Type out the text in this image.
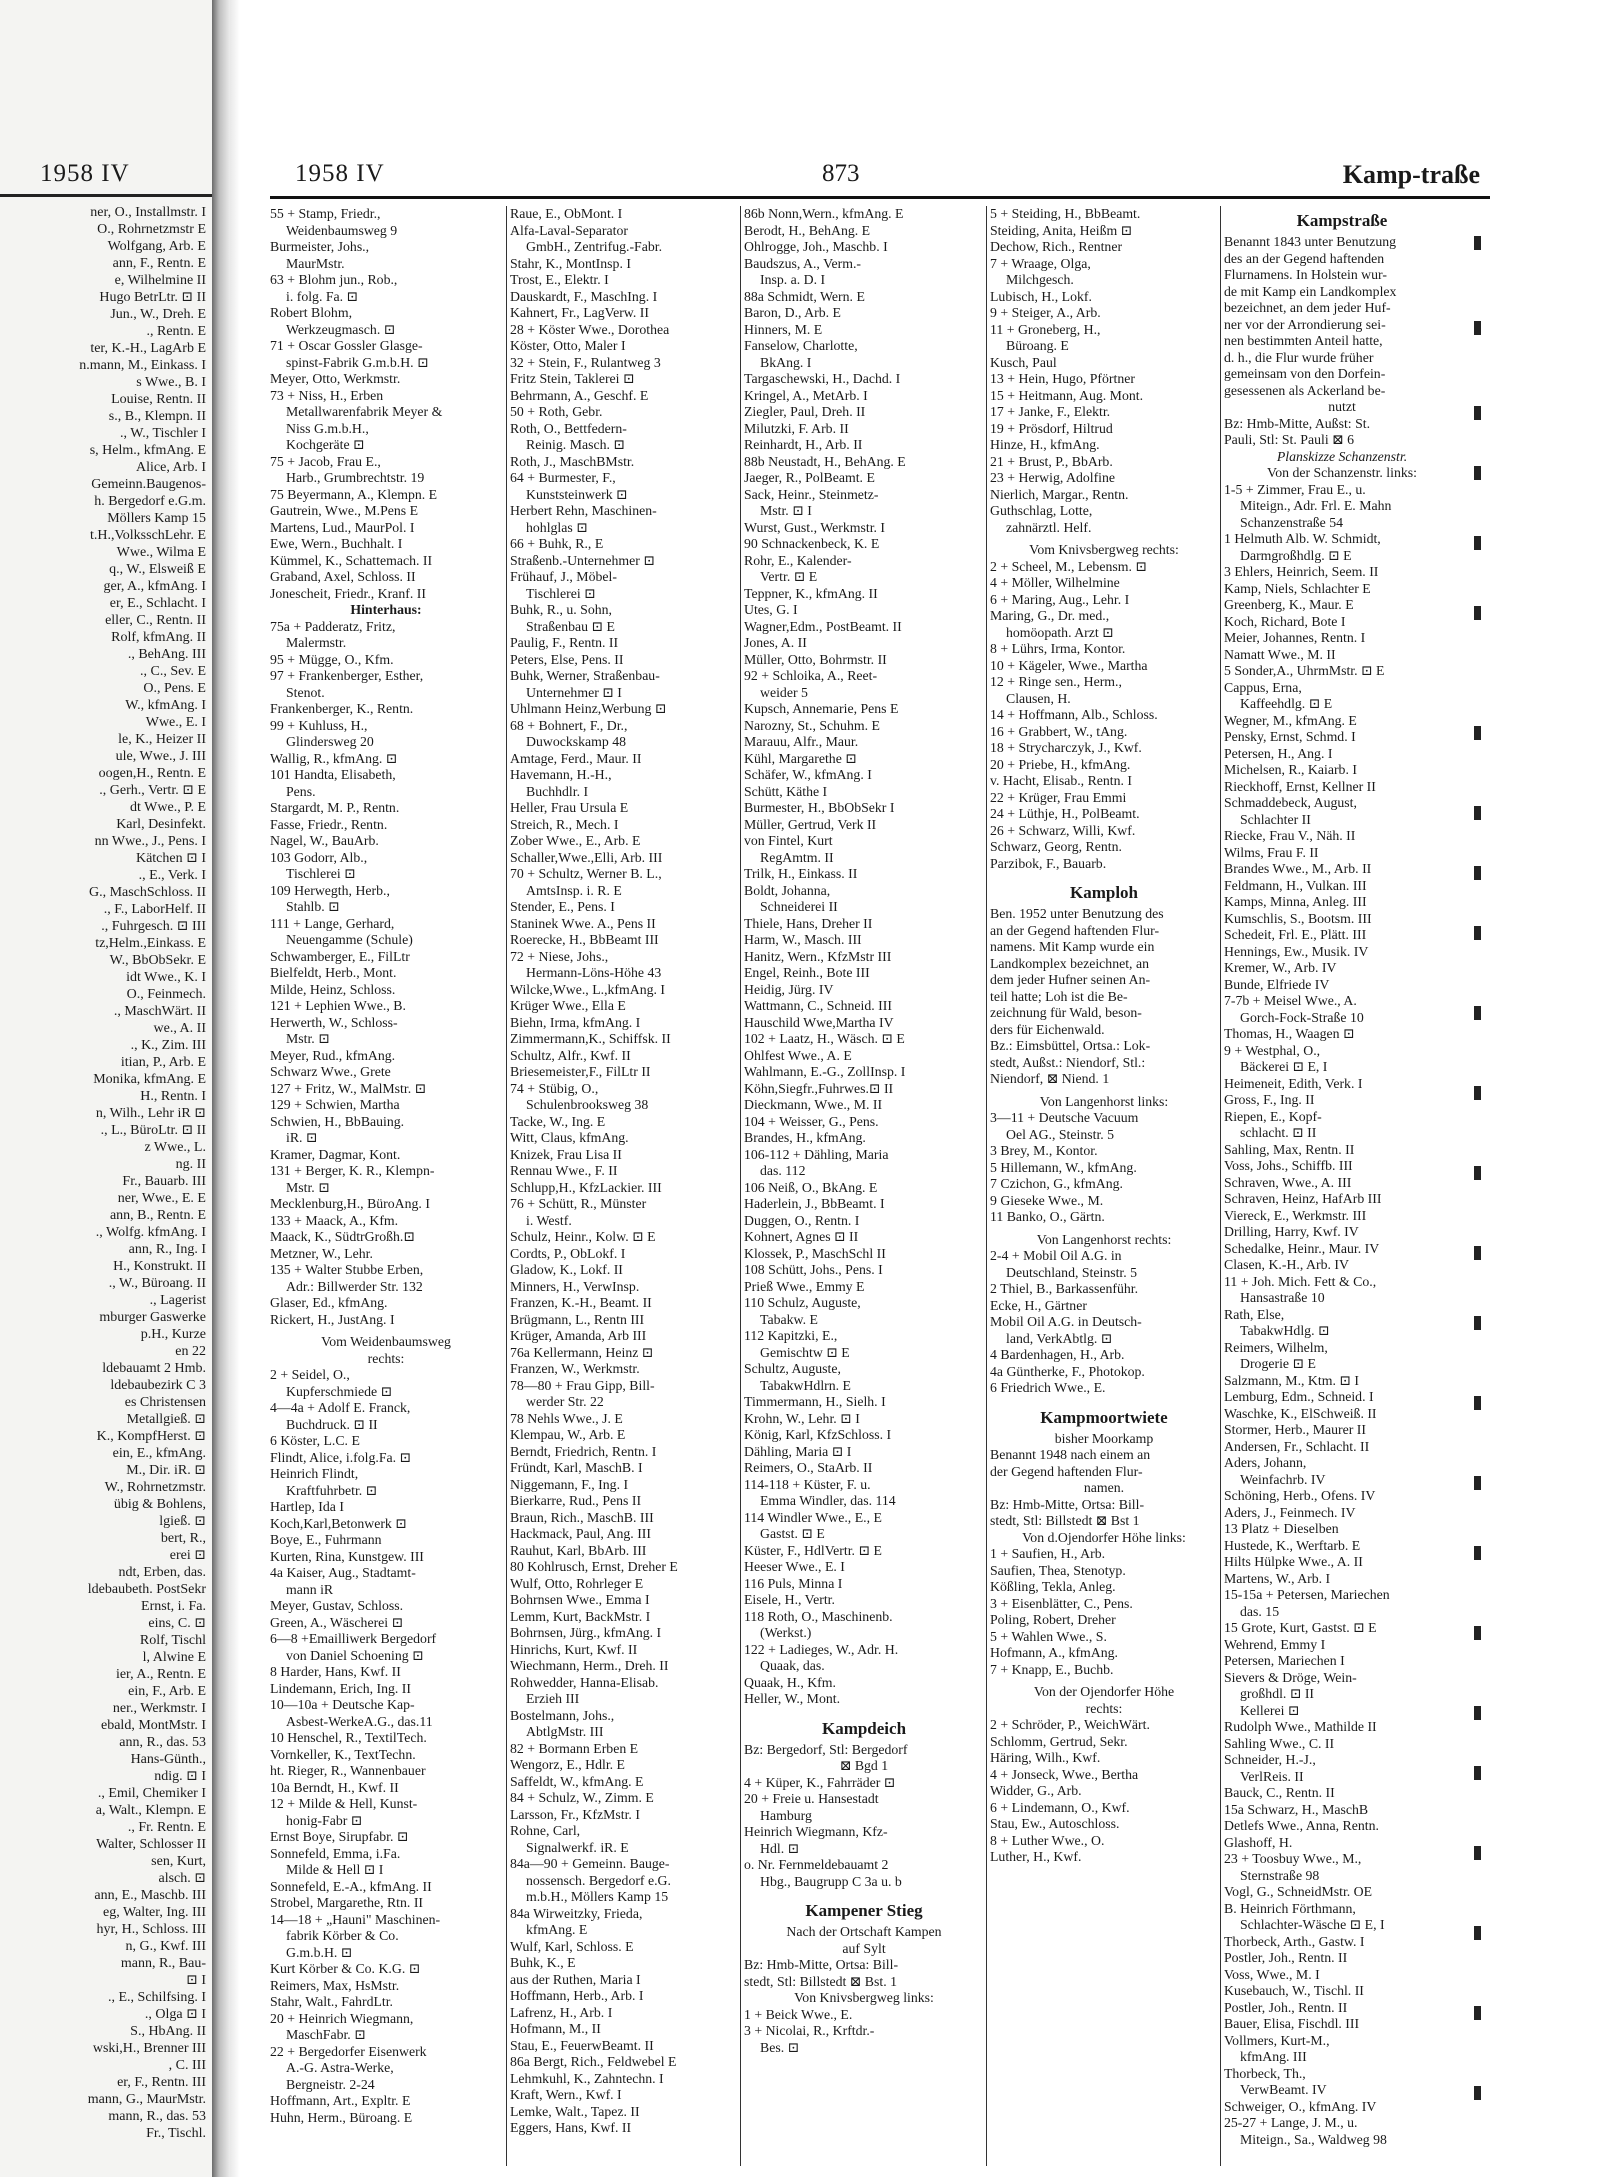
1958 IV
ner, O., Installmstr. I
O., Rohrnetzmstr E
Wolfgang, Arb. E
ann, F., Rentn. E
e, Wilhelmine II
Hugo BetrLtr. ⊡ II
Jun., W., Dreh. E
., Rentn. E
ter, K.-H., LagArb E
n.mann, M., Einkass. I
s Wwe., B. I
Louise, Rentn. II
s., B., Klempn. II
., W., Tischler I
s, Helm., kfmAng. E
Alice, Arb. I
Gemeinn.Baugenos-
h. Bergedorf e.G.m.
Möllers Kamp 15
t.H.,VolksschLehr. E
Wwe., Wilma E
q., W., Elsweiß E
ger, A., kfmAng. I
er, E., Schlacht. I
eller, C., Rentn. II
Rolf, kfmAng. II
., BehAng. III
., C., Sev. E
O., Pens. E
W., kfmAng. I
Wwe., E. I
le, K., Heizer II
ule, Wwe., J. III
oogen,H., Rentn. E
., Gerh., Vertr. ⊡ E
dt Wwe., P. E
Karl, Desinfekt.
nn Wwe., J., Pens. I
Kätchen ⊡ I
., E., Verk. I
G., MaschSchloss. II
., F., LaborHelf. II
., Fuhrgesch. ⊡ III
tz,Helm.,Einkass. E
W., BbObSekr. E
idt Wwe., K. I
O., Feinmech.
., MaschWärt. II
we., A. II
., K., Zim. III
itian, P., Arb. E
Monika, kfmAng. E
H., Rentn. I
n, Wilh., Lehr iR ⊡
., L., BüroLtr. ⊡ II
z Wwe., L.
ng. II
Fr., Bauarb. III
ner, Wwe., E. E
ann, B., Rentn. E
., Wolfg. kfmAng. I
ann, R., Ing. I
H., Konstrukt. II
., W., Büroang. II
., Lagerist
mburger Gaswerke
p.H., Kurze
en 22
ldebauamt 2 Hmb.
ldebaubezirk C 3
es Christensen
Metallgieß. ⊡
K., KompfHerst. ⊡
ein, E., kfmAng.
M., Dir. iR. ⊡
W., Rohrnetzmstr.
übig & Bohlens,
lgieß. ⊡
bert, R.,
erei ⊡
ndt, Erben, das.
ldebaubeth. PostSekr
Ernst, i. Fa.
eins, C. ⊡
Rolf, Tischl
l, Alwine E
ier, A., Rentn. E
ein, F., Arb. E
ner., Werkmstr. I
ebald, MontMstr. I
ann, R., das. 53
Hans-Günth.,
ndig. ⊡ I
., Emil, Chemiker I
a, Walt., Klempn. E
., Fr. Rentn. E
Walter, Schlosser II
sen, Kurt,
alsch. ⊡
ann, E., Maschb. III
eg, Walter, Ing. III
hyr, H., Schloss. III
n, G., Kwf. III
mann, R., Bau-
⊡ I
., E., Schilfsing. I
., Olga ⊡ I
S., HbAng. II
wski,H., Brenner III
, C. III
er, F., Rentn. III
mann, G., MaurMstr.
mann, R., das. 53
Fr., Tischl.
1958 IV	873	Kamp-traße
55 + Stamp, Friedr.,
Weidenbaumsweg 9
Burmeister, Johs.,
MaurMstr.
63 + Blohm jun., Rob.,
i. folg. Fa. ⊡
Robert Blohm,
Werkzeugmasch. ⊡
71 + Oscar Gossler Glasge-
spinst-Fabrik G.m.b.H. ⊡
Meyer, Otto, Werkmstr.
73 + Niss, H., Erben
Metallwarenfabrik Meyer &
Niss G.m.b.H.,
Kochgeräte ⊡
75 + Jacob, Frau E.,
Harb., Grumbrechtstr. 19
75 Beyermann, A., Klempn. E
Gautrein, Wwe., M.Pens E
Martens, Lud., MaurPol. I
Ewe, Wern., Buchhalt. I
Kümmel, K., Schattemach. II
Graband, Axel, Schloss. II
Jonescheit, Friedr., Kranf. II
Hinterhaus:
75a + Padderatz, Fritz,
Malermstr.
95 + Mügge, O., Kfm.
97 + Frankenberger, Esther,
Stenot.
Frankenberger, K., Rentn.
99 + Kuhluss, H.,
Glindersweg 20
Wallig, R., kfmAng. ⊡
101 Handta, Elisabeth,
Pens.
Stargardt, M. P., Rentn.
Fasse, Friedr., Rentn.
Nagel, W., BauArb.
103 Godorr, Alb.,
Tischlerei ⊡
109 Herwegth, Herb.,
Stahlb. ⊡
111 + Lange, Gerhard,
Neuengamme (Schule)
Schwamberger, E., FilLtr
Bielfeldt, Herb., Mont.
Milde, Heinz, Schloss.
121 + Lephien Wwe., B.
Herwerth, W., Schloss-
Mstr. ⊡
Meyer, Rud., kfmAng.
Schwarz Wwe., Grete
127 + Fritz, W., MalMstr. ⊡
129 + Schwien, Martha
Schwien, H., BbBauing.
iR. ⊡
Kramer, Dagmar, Kont.
131 + Berger, K. R., Klempn-
Mstr. ⊡
Mecklenburg,H., BüroAng. I
133 + Maack, A., Kfm.
Maack, K., SüdtrGroßh.⊡
Metzner, W., Lehr.
135 + Walter Stubbe Erben,
Adr.: Billwerder Str. 132
Glaser, Ed., kfmAng.
Rickert, H., JustAng. I
Vom Weidenbaumsweg
rechts:
2 + Seidel, O.,
Kupferschmiede ⊡
4—4a + Adolf E. Franck,
Buchdruck. ⊡ II
6 Köster, L.C. E
Flindt, Alice, i.folg.Fa. ⊡
Heinrich Flindt,
Kraftfuhrbetr. ⊡
Hartlep, Ida I
Koch,Karl,Betonwerk ⊡
Boye, E., Fuhrmann
Kurten, Rina, Kunstgew. III
4a Kaiser, Aug., Stadtamt-
mann iR
Meyer, Gustav, Schloss.
Green, A., Wäscherei ⊡
6—8 +Emailliwerk Bergedorf
von Daniel Schoening ⊡
8 Harder, Hans, Kwf. II
Lindemann, Erich, Ing. II
10—10a + Deutsche Kap-
Asbest-WerkeA.G., das.11
10 Henschel, R., TextilTech.
Vornkeller, K., TextTechn.
ht. Rieger, R., Wannenbauer
10a Berndt, H., Kwf. II
12 + Milde & Hell, Kunst-
honig-Fabr ⊡
Ernst Boye, Sirupfabr. ⊡
Sonnefeld, Emma, i.Fa.
Milde & Hell ⊡ I
Sonnefeld, E.-A., kfmAng. II
Strobel, Margarethe, Rtn. II
14—18 + „Hauni" Maschinen-
fabrik Körber & Co.
G.m.b.H. ⊡
Kurt Körber & Co. K.G. ⊡
Reimers, Max, HsMstr.
Stahr, Walt., FahrdLtr.
20 + Heinrich Wiegmann,
MaschFabr. ⊡
22 + Bergedorfer Eisenwerk
A.-G. Astra-Werke,
Bergneistr. 2-24
Hoffmann, Art., Expltr. E
Huhn, Herm., Büroang. E
Raue, E., ObMont. I
Alfa-Laval-Separator
GmbH., Zentrifug.-Fabr.
Stahr, K., MontInsp. I
Trost, E., Elektr. I
Dauskardt, F., MaschIng. I
Kahnert, Fr., LagVerw. II
28 + Köster Wwe., Dorothea
Köster, Otto, Maler I
32 + Stein, F., Rulantweg 3
Fritz Stein, Taklerei ⊡
Behrmann, A., Geschf. E
50 + Roth, Gebr.
Roth, O., Bettfedern-
Reinig. Masch. ⊡
Roth, J., MaschBMstr.
64 + Burmester, F.,
Kunststeinwerk ⊡
Herbert Rehn, Maschinen-
hohlglas ⊡
66 + Buhk, R., E
Straßenb.-Unternehmer ⊡
Frühauf, J., Möbel-
Tischlerei ⊡
Buhk, R., u. Sohn,
Straßenbau ⊡ E
Paulig, F., Rentn. II
Peters, Else, Pens. II
Buhk, Werner, Straßenbau-
Unternehmer ⊡ I
Uhlmann Heinz,Werbung ⊡
68 + Bohnert, F., Dr.,
Duwockskamp 48
Amtage, Ferd., Maur. II
Havemann, H.-H.,
Buchhdlr. I
Heller, Frau Ursula E
Streich, R., Mech. I
Zober Wwe., E., Arb. E
Schaller,Wwe.,Elli, Arb. III
70 + Schultz, Werner B. L.,
AmtsInsp. i. R. E
Stender, E., Pens. I
Staninek Wwe. A., Pens II
Roerecke, H., BbBeamt III
72 + Niese, Johs.,
Hermann-Löns-Höhe 43
Wilcke,Wwe., L.,kfmAng. I
Krüger Wwe., Ella E
Biehn, Irma, kfmAng. I
Zimmermann,K., Schiffsk. II
Schultz, Alfr., Kwf. II
Briesemeister,F., FilLtr II
74 + Stübig, O.,
Schulenbrooksweg 38
Tacke, W., Ing. E
Witt, Claus, kfmAng.
Knizek, Frau Lisa II
Rennau Wwe., F. II
Schlupp,H., KfzLackier. III
76 + Schütt, R., Münster
i. Westf.
Schulz, Heinr., Kolw. ⊡ E
Cordts, P., ObLokf. I
Gladow, K., Lokf. II
Minners, H., VerwInsp.
Franzen, K.-H., Beamt. II
Brügmann, L., Rentn III
Krüger, Amanda, Arb III
76a Kellermann, Heinz ⊡
Franzen, W., Werkmstr.
78—80 + Frau Gipp, Bill-
werder Str. 22
78 Nehls Wwe., J. E
Klempau, W., Arb. E
Berndt, Friedrich, Rentn. I
Fründt, Karl, MaschB. I
Niggemann, F., Ing. I
Bierkarre, Rud., Pens II
Braun, Rich., MaschB. III
Hackmack, Paul, Ang. III
Rauhut, Karl, BbArb. III
80 Kohlrusch, Ernst, Dreher E
Wulf, Otto, Rohrleger E
Bohrnsen Wwe., Emma I
Lemm, Kurt, BackMstr. I
Bohrnsen, Jürg., kfmAng. I
Hinrichs, Kurt, Kwf. II
Wiechmann, Herm., Dreh. II
Rohwedder, Hanna-Elisab.
Erzieh III
Bostelmann, Johs.,
AbtlgMstr. III
82 + Bormann Erben E
Wengorz, E., Hdlr. E
Saffeldt, W., kfmAng. E
84 + Schulz, W., Zimm. E
Larsson, Fr., KfzMstr. I
Rohne, Carl,
Signalwerkf. iR. E
84a—90 + Gemeinn. Bauge-
nossensch. Bergedorf e.G.
m.b.H., Möllers Kamp 15
84a Wirweitzky, Frieda,
kfmAng. E
Wulf, Karl, Schloss. E
Buhk, K., E
aus der Ruthen, Maria I
Hoffmann, Herb., Arb. I
Lafrenz, H., Arb. I
Hofmann, M., II
Stau, E., FeuerwBeamt. II
86a Bergt, Rich., Feldwebel E
Lehmkuhl, K., Zahntechn. I
Kraft, Wern., Kwf. I
Lemke, Walt., Tapez. II
Eggers, Hans, Kwf. II
86b Nonn,Wern., kfmAng. E
Berodt, H., BehAng. E
Ohlrogge, Joh., Maschb. I
Baudszus, A., Verm.-
Insp. a. D. I
88a Schmidt, Wern. E
Baron, D., Arb. E
Hinners, M. E
Fanselow, Charlotte,
BkAng. I
Targaschewski, H., Dachd. I
Kringel, A., MetArb. I
Ziegler, Paul, Dreh. II
Milutzki, F. Arb. II
Reinhardt, H., Arb. II
88b Neustadt, H., BehAng. E
Jaeger, R., PolBeamt. E
Sack, Heinr., Steinmetz-
Mstr. ⊡ I
Wurst, Gust., Werkmstr. I
90 Schnackenbeck, K. E
Rohr, E., Kalender-
Vertr. ⊡ E
Teppner, K., kfmAng. II
Utes, G. I
Wagner,Edm., PostBeamt. II
Jones, A. II
Müller, Otto, Bohrmstr. II
92 + Schloika, A., Reet-
weider 5
Kupsch, Annemarie, Pens E
Narozny, St., Schuhm. E
Marauu, Alfr., Maur.
Kühl, Margarethe ⊡
Schäfer, W., kfmAng. I
Schütt, Käthe I
Burmester, H., BbObSekr I
Müller, Gertrud, Verk II
von Fintel, Kurt
RegAmtm. II
Trilk, H., Einkass. II
Boldt, Johanna,
Schneiderei II
Thiele, Hans, Dreher II
Harm, W., Masch. III
Hanitz, Wern., KfzMstr III
Engel, Reinh., Bote III
Heidig, Jürg. IV
Wattmann, C., Schneid. III
Hauschild Wwe,Martha IV
102 + Laatz, H., Wäsch. ⊡ E
Ohlfest Wwe., A. E
Wahlmann, E.-G., ZollInsp. I
Köhn,Siegfr.,Fuhrwes.⊡ II
Dieckmann, Wwe., M. II
104 + Weisser, G., Pens.
Brandes, H., kfmAng.
106-112 + Dähling, Maria
das. 112
106 Neiß, O., BkAng. E
Haderlein, J., BbBeamt. I
Duggen, O., Rentn. I
Kohnert, Agnes ⊡ II
Klossek, P., MaschSchl II
108 Schütt, Johs., Pens. I
Prieß Wwe., Emmy E
110 Schulz, Auguste,
Tabakw. E
112 Kapitzki, E.,
Gemischtw ⊡ E
Schultz, Auguste,
TabakwHdlrn. E
Timmermann, H., Sielh. I
Krohn, W., Lehr. ⊡ I
König, Karl, KfzSchloss. I
Dähling, Maria ⊡ I
Reimers, O., StaArb. II
114-118 + Küster, F. u.
Emma Windler, das. 114
114 Windler Wwe., E., E
Gastst. ⊡ E
Küster, F., HdlVertr. ⊡ E
Heeser Wwe., E. I
116 Puls, Minna I
Eisele, H., Vertr.
118 Roth, O., Maschinenb.
(Werkst.)
122 + Ladieges, W., Adr. H.
Quaak, das.
Quaak, H., Kfm.
Heller, W., Mont.
Kampdeich
Bz: Bergedorf, Stl: Bergedorf
⊠ Bgd 1
4 + Küper, K., Fahrräder ⊡
20 + Freie u. Hansestadt
Hamburg
Heinrich Wiegmann, Kfz-
Hdl. ⊡
o. Nr. Fernmeldebauamt 2
Hbg., Baugrupp C 3a u. b
Kampener Stieg
Nach der Ortschaft Kampen
auf Sylt
Bz: Hmb-Mitte, Ortsa: Bill-
stedt, Stl: Billstedt ⊠ Bst. 1
Von Knivsbergweg links:
1 + Beick Wwe., E.
3 + Nicolai, R., Krftdr.-
Bes. ⊡
5 + Steiding, H., BbBeamt.
Steiding, Anita, Heißm ⊡
Dechow, Rich., Rentner
7 + Wraage, Olga,
Milchgesch.
Lubisch, H., Lokf.
9 + Steiger, A., Arb.
11 + Groneberg, H.,
Büroang. E
Kusch, Paul
13 + Hein, Hugo, Pförtner
15 + Heitmann, Aug. Mont.
17 + Janke, F., Elektr.
19 + Prösdorf, Hiltrud
Hinze, H., kfmAng.
21 + Brust, P., BbArb.
23 + Herwig, Adolfine
Nierlich, Margar., Rentn.
Guthschlag, Lotte,
zahnärztl. Helf.
Vom Knivsbergweg rechts:
2 + Scheel, M., Lebensm. ⊡
4 + Möller, Wilhelmine
6 + Maring, Aug., Lehr. I
Maring, G., Dr. med.,
homöopath. Arzt ⊡
8 + Lührs, Irma, Kontor.
10 + Kägeler, Wwe., Martha
12 + Ringe sen., Herm.,
Clausen, H.
14 + Hoffmann, Alb., Schloss.
16 + Grabbert, W., tAng.
18 + Strycharczyk, J., Kwf.
20 + Priebe, H., kfmAng.
v. Hacht, Elisab., Rentn. I
22 + Krüger, Frau Emmi
24 + Lüthje, H., PolBeamt.
26 + Schwarz, Willi, Kwf.
Schwarz, Georg, Rentn.
Parzibok, F., Bauarb.
Kamploh
Ben. 1952 unter Benutzung des
an der Gegend haftenden Flur-
namens. Mit Kamp wurde ein
Landkomplex bezeichnet, an
dem jeder Hufner seinen An-
teil hatte; Loh ist die Be-
zeichnung für Wald, beson-
ders für Eichenwald.
Bz.: Eimsbüttel, Ortsa.: Lok-
stedt, Außst.: Niendorf, Stl.:
Niendorf, ⊠ Niend. 1
Von Langenhorst links:
3—11 + Deutsche Vacuum
Oel AG., Steinstr. 5
3 Brey, M., Kontor.
5 Hillemann, W., kfmAng.
7 Czichon, G., kfmAng.
9 Gieseke Wwe., M.
11 Banko, O., Gärtn.
Von Langenhorst rechts:
2-4 + Mobil Oil A.G. in
Deutschland, Steinstr. 5
2 Thiel, B., Barkassenführ.
Ecke, H., Gärtner
Mobil Oil A.G. in Deutsch-
land, VerkAbtlg. ⊡
4 Bardenhagen, H., Arb.
4a Güntherke, F., Photokop.
6 Friedrich Wwe., E.
Kampmoortwiete
bisher Moorkamp
Benannt 1948 nach einem an
der Gegend haftenden Flur-
namen.
Bz: Hmb-Mitte, Ortsa: Bill-
stedt, Stl: Billstedt ⊠ Bst 1
Von d.Ojendorfer Höhe links:
1 + Saufien, H., Arb.
Saufien, Thea, Stenotyp.
Kößling, Tekla, Anleg.
3 + Eisenblätter, C., Pens.
Poling, Robert, Dreher
5 + Wahlen Wwe., S.
Hofmann, A., kfmAng.
7 + Knapp, E., Buchb.
Von der Ojendorfer Höhe
rechts:
2 + Schröder, P., WeichWärt.
Schlomm, Gertrud, Sekr.
Häring, Wilh., Kwf.
4 + Jonseck, Wwe., Bertha
Widder, G., Arb.
6 + Lindemann, O., Kwf.
Stau, Ew., Autoschloss.
8 + Luther Wwe., O.
Luther, H., Kwf.
Kampstraße
Benannt 1843 unter Benutzung
des an der Gegend haftenden
Flurnamens. In Holstein wur-
de mit Kamp ein Landkomplex
bezeichnet, an dem jeder Huf-
ner vor der Arrondierung sei-
nen bestimmten Anteil hatte,
d. h., die Flur wurde früher
gemeinsam von den Dorfein-
gesessenen als Ackerland be-
nutzt
Bz: Hmb-Mitte, Außst: St.
Pauli, Stl: St. Pauli ⊠ 6
Planskizze Schanzenstr.
Von der Schanzenstr. links:
1-5 + Zimmer, Frau E., u.
Miteign., Adr. Frl. E. Mahn
Schanzenstraße 54
1 Helmuth Alb. W. Schmidt,
Darmgroßhdlg. ⊡ E
3 Ehlers, Heinrich, Seem. II
Kamp, Niels, Schlachter E
Greenberg, K., Maur. E
Koch, Richard, Bote I
Meier, Johannes, Rentn. I
Namatt Wwe., M. II
5 Sonder,A., UhrmMstr. ⊡ E
Cappus, Erna,
Kaffeehdlg. ⊡ E
Wegner, M., kfmAng. E
Pensky, Ernst, Schmd. I
Petersen, H., Ang. I
Michelsen, R., Kaiarb. I
Rieckhoff, Ernst, Kellner II
Schmaddebeck, August,
Schlachter II
Riecke, Frau V., Näh. II
Wilms, Frau F. II
Brandes Wwe., M., Arb. II
Feldmann, H., Vulkan. III
Kamps, Minna, Anleg. III
Kumschlis, S., Bootsm. III
Schedeit, Frl. E., Plätt. III
Hennings, Ew., Musik. IV
Kremer, W., Arb. IV
Bunde, Elfriede IV
7-7b + Meisel Wwe., A.
Gorch-Fock-Straße 10
Thomas, H., Waagen ⊡
9 + Westphal, O.,
Bäckerei ⊡ E, I
Heimeneit, Edith, Verk. I
Gross, F., Ing. II
Riepen, E., Kopf-
schlacht. ⊡ II
Sahling, Max, Rentn. II
Voss, Johs., Schiffb. III
Schraven, Wwe., A. III
Schraven, Heinz, HafArb III
Viereck, E., Werkmstr. III
Drilling, Harry, Kwf. IV
Schedalke, Heinr., Maur. IV
Clasen, K.-H., Arb. IV
11 + Joh. Mich. Fett & Co.,
Hansastraße 10
Rath, Else,
TabakwHdlg. ⊡
Reimers, Wilhelm,
Drogerie ⊡ E
Salzmann, M., Ktm. ⊡ I
Lemburg, Edm., Schneid. I
Waschke, K., ElSchweiß. II
Stormer, Herb., Maurer II
Andersen, Fr., Schlacht. II
Aders, Johann,
Weinfachrb. IV
Schöning, Herb., Ofens. IV
Aders, J., Feinmech. IV
13 Platz + Dieselben
Hustede, K., Werftarb. E
Hilts Hülpke Wwe., A. II
Martens, W., Arb. I
15-15a + Petersen, Mariechen
das. 15
15 Grote, Kurt, Gastst. ⊡ E
Wehrend, Emmy I
Petersen, Mariechen I
Sievers & Dröge, Wein-
großhdl. ⊡ II
Kellerei ⊡
Rudolph Wwe., Mathilde II
Sahling Wwe., C. II
Schneider, H.-J.,
VerlReis. II
Bauck, C., Rentn. II
15a Schwarz, H., MaschB
Detlefs Wwe., Anna, Rentn.
Glashoff, H.
23 + Toosbuy Wwe., M.,
Sternstraße 98
Vogl, G., SchneidMstr. OE
B. Heinrich Förthmann,
Schlachter-Wäsche ⊡ E, I
Thorbeck, Arth., Gastw. I
Postler, Joh., Rentn. II
Voss, Wwe., M. I
Kusebauch, W., Tischl. II
Postler, Joh., Rentn. II
Bauer, Elisa, Fischdl. III
Vollmers, Kurt-M.,
kfmAng. III
Thorbeck, Th.,
VerwBeamt. IV
Schweiger, O., kfmAng. IV
25-27 + Lange, J. M., u.
Miteign., Sa., Waldweg 98
